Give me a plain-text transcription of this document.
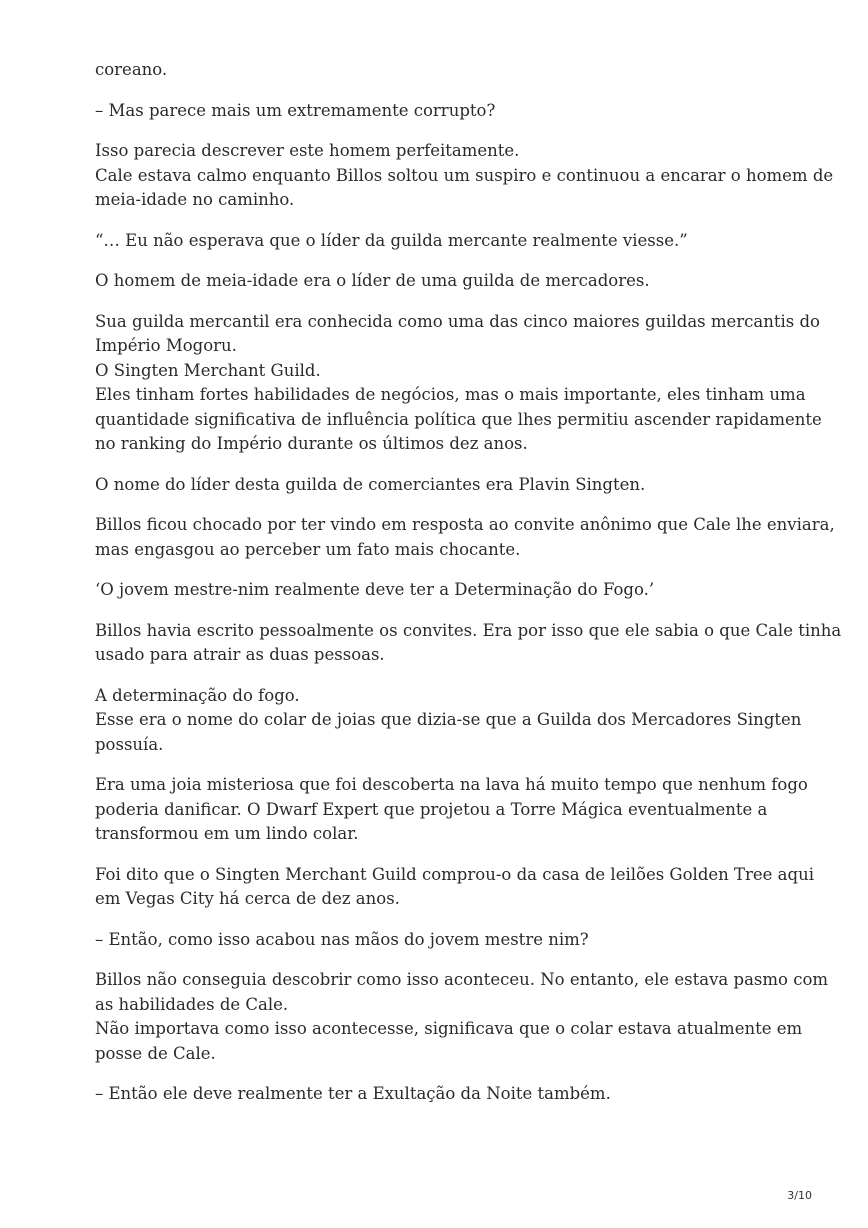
coreano.

– Mas parece mais um extremamente corrupto?

Isso parecia descrever este homem perfeitamente.
Cale estava calmo enquanto Billos soltou um suspiro e continuou a encarar o homem de
meia-idade no caminho.

“… Eu não esperava que o líder da guilda mercante realmente viesse.”

O homem de meia-idade era o líder de uma guilda de mercadores.

Sua guilda mercantil era conhecida como uma das cinco maiores guildas mercantis do
Império Mogoru.
O Singten Merchant Guild.
Eles tinham fortes habilidades de negócios, mas o mais importante, eles tinham uma
quantidade significativa de influência política que lhes permitiu ascender rapidamente
no ranking do Império durante os últimos dez anos.

O nome do líder desta guilda de comerciantes era Plavin Singten.

Billos ficou chocado por ter vindo em resposta ao convite anônimo que Cale lhe enviara,
mas engasgou ao perceber um fato mais chocante.

‘O jovem mestre-nim realmente deve ter a Determinação do Fogo.’

Billos havia escrito pessoalmente os convites. Era por isso que ele sabia o que Cale tinha
usado para atrair as duas pessoas.

A determinação do fogo.
Esse era o nome do colar de joias que dizia-se que a Guilda dos Mercadores Singten
possuía.

Era uma joia misteriosa que foi descoberta na lava há muito tempo que nenhum fogo
poderia danificar. O Dwarf Expert que projetou a Torre Mágica eventualmente a
transformou em um lindo colar.

Foi dito que o Singten Merchant Guild comprou-o da casa de leilões Golden Tree aqui
em Vegas City há cerca de dez anos.

– Então, como isso acabou nas mãos do jovem mestre nim?

Billos não conseguia descobrir como isso aconteceu. No entanto, ele estava pasmo com
as habilidades de Cale.
Não importava como isso acontecesse, significava que o colar estava atualmente em
posse de Cale.

– Então ele deve realmente ter a Exultação da Noite também.

3/10
